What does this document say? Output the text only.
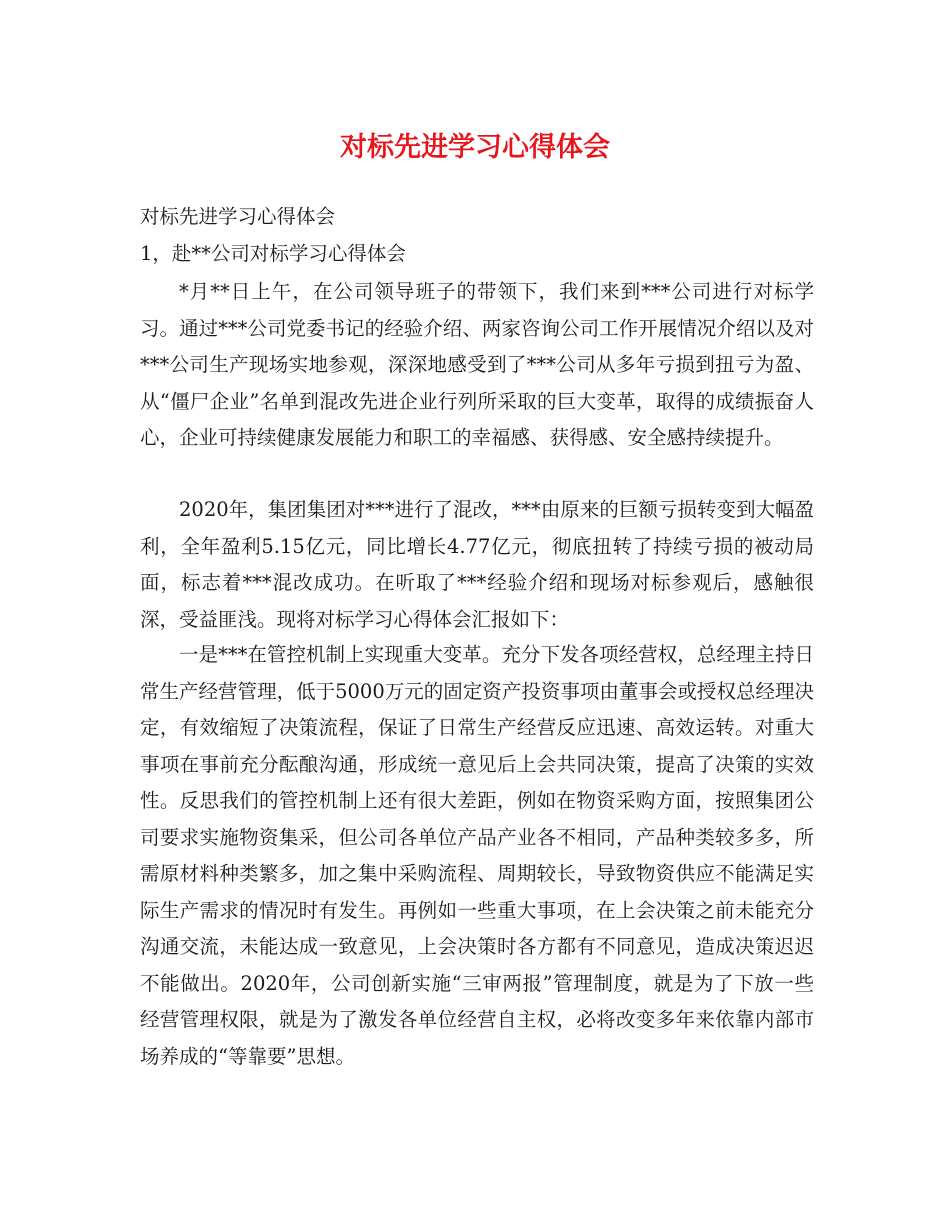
对标先进学习心得体会
对标先进学习心得体会
1，赴**公司对标学习心得体会

*月**日上午，在公司领导班子的带领下，我们来到***公司进行对标学习。通过***公司党委书记的经验介绍、两家咨询公司工作开展情况介绍以及对***公司生产现场实地参观，深深地感受到了***公司从多年亏损到扭亏为盈、从“僵尸企业”名单到混改先进企业行列所采取的巨大变革，取得的成绩振奋人心，企业可持续健康发展能力和职工的幸福感、获得感、安全感持续提升。

2020年，集团集团对***进行了混改，***由原来的巨额亏损转变到大幅盈利，全年盈利5.15亿元，同比增长4.77亿元，彻底扭转了持续亏损的被动局面，标志着***混改成功。在听取了***经验介绍和现场对标参观后，感触很深，受益匪浅。现将对标学习心得体会汇报如下：

一是***在管控机制上实现重大变革。充分下发各项经营权，总经理主持日常生产经营管理，低于5000万元的固定资产投资事项由董事会或授权总经理决定，有效缩短了决策流程，保证了日常生产经营反应迅速、高效运转。对重大事项在事前充分酝酿沟通，形成统一意见后上会共同决策，提高了决策的实效性。反思我们的管控机制上还有很大差距，例如在物资采购方面，按照集团公司要求实施物资集采，但公司各单位产品产业各不相同，产品种类较多多，所需原材料种类繁多，加之集中采购流程、周期较长，导致物资供应不能满足实际生产需求的情况时有发生。再例如一些重大事项，在上会决策之前未能充分沟通交流，未能达成一致意见，上会决策时各方都有不同意见，造成决策迟迟不能做出。2020年，公司创新实施“三审两报”管理制度，就是为了下放一些经营管理权限，就是为了激发各单位经营自主权，必将改变多年来依靠内部市场养成的“等靠要”思想。
